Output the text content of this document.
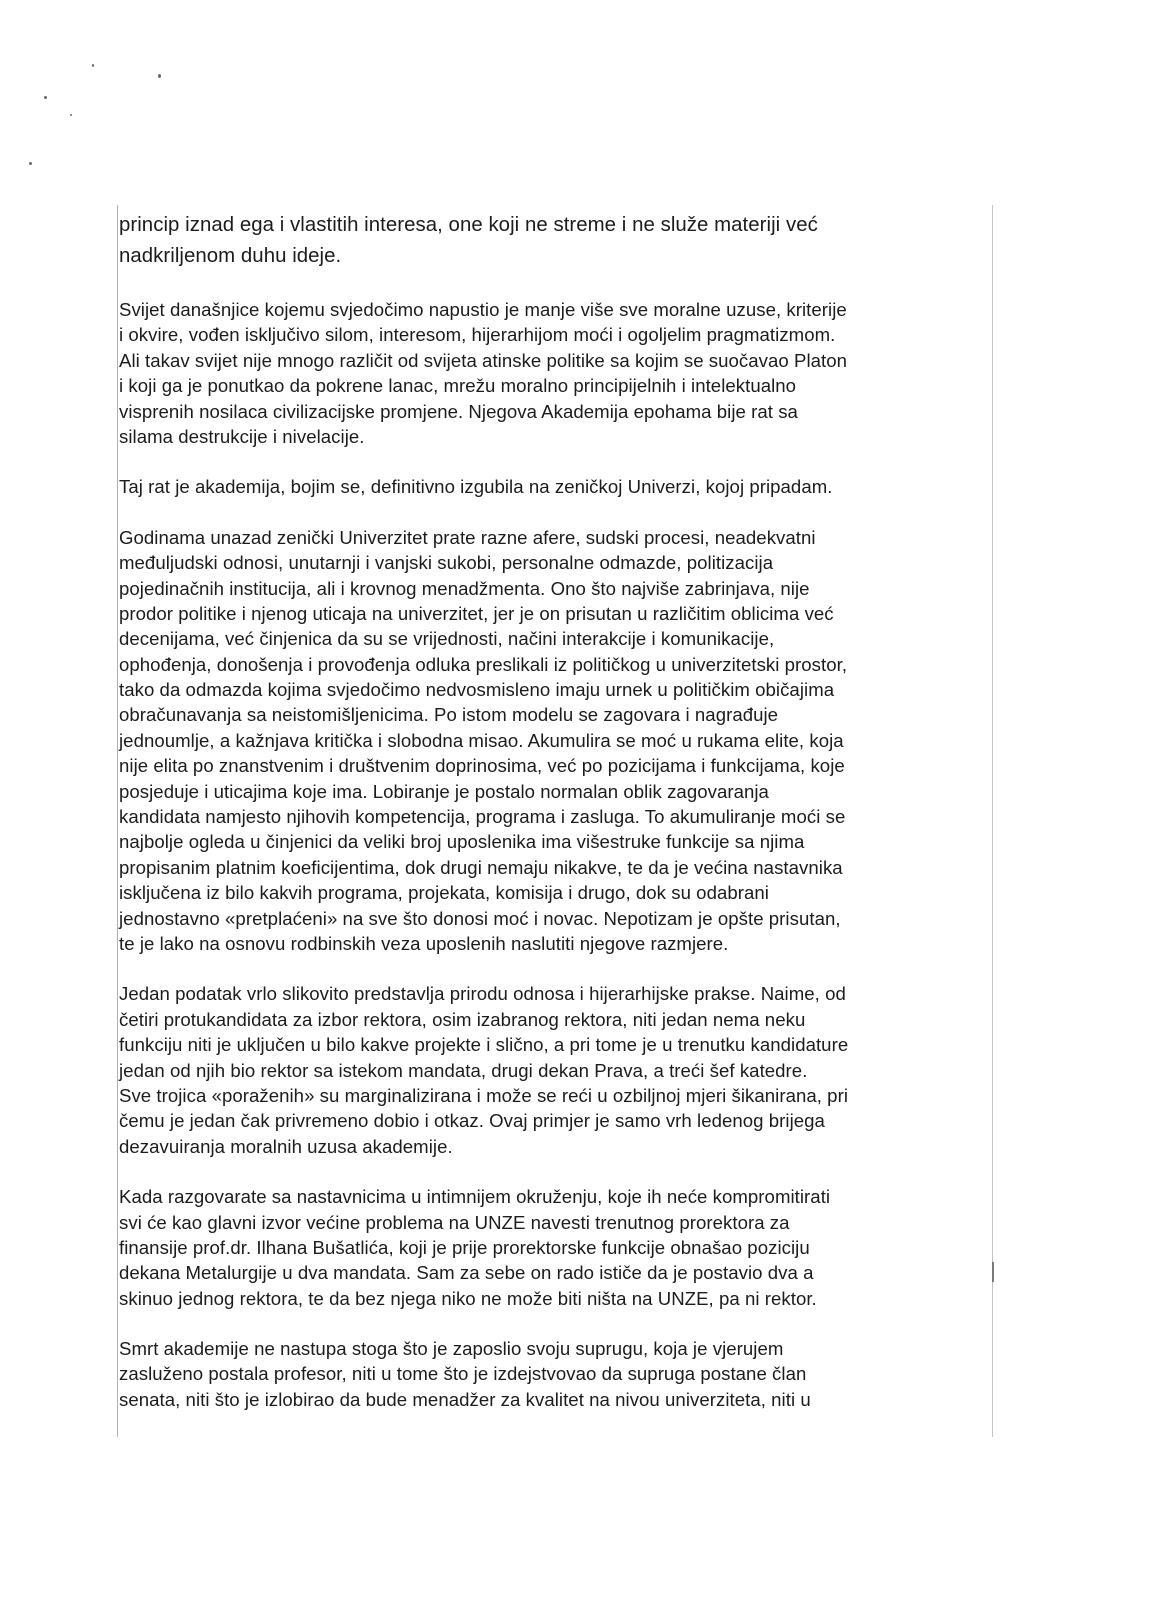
princip iznad ega i vlastitih interesa, one koji ne streme i ne služe materiji već
nadkriljenom duhu ideje.

Svijet današnjice kojemu svjedočimo napustio je manje više sve moralne uzuse, kriterije
i okvire, vođen isključivo silom, interesom, hijerarhijom moći i ogoljelim pragmatizmom.
Ali takav svijet nije mnogo različit od svijeta atinske politike sa kojim se suočavao Platon
i koji ga je ponutkao da pokrene lanac, mrežu moralno principijelnih i intelektualno
visprenih nosilaca civilizacijske promjene. Njegova Akademija epohama bije rat sa
silama destrukcije i nivelacije.

Taj rat je akademija, bojim se, definitivno izgubila na zeničkoj Univerzi, kojoj pripadam.

Godinama unazad zenički Univerzitet prate razne afere, sudski procesi, neadekvatni
međuljudski odnosi, unutarnji i vanjski sukobi, personalne odmazde, politizacija
pojedinačnih institucija, ali i krovnog menadžmenta. Ono što najviše zabrinjava, nije
prodor politike i njenog uticaja na univerzitet, jer je on prisutan u različitim oblicima već
decenijama, već činjenica da su se vrijednosti, načini interakcije i komunikacije,
ophođenja, donošenja i provođenja odluka preslikali iz političkog u univerzitetski prostor,
tako da odmazda kojima svjedočimo nedvosmisleno imaju urnek u političkim običajima
obračunavanja sa neistomišljenicima. Po istom modelu se zagovara i nagrađuje
jednoumlje, a kažnjava kritička i slobodna misao. Akumulira se moć u rukama elite, koja
nije elita po znanstvenim i društvenim doprinosima, već po pozicijama i funkcijama, koje
posjeduje i uticajima koje ima. Lobiranje je postalo normalan oblik zagovaranja
kandidata namjesto njihovih kompetencija, programa i zasluga. To akumuliranje moći se
najbolje ogleda u činjenici da veliki broj uposlenika ima višestruke funkcije sa njima
propisanim platnim koeficijentima, dok drugi nemaju nikakve, te da je većina nastavnika
isključena iz bilo kakvih programa, projekata, komisija i drugo, dok su odabrani
jednostavno «pretplaćeni» na sve što donosi moć i novac. Nepotizam je opšte prisutan,
te je lako na osnovu rodbinskih veza uposlenih naslutiti njegove razmjere.

Jedan podatak vrlo slikovito predstavlja prirodu odnosa i hijerarhijske prakse. Naime, od
četiri protukandidata za izbor rektora, osim izabranog rektora, niti jedan nema neku
funkciju niti je uključen u bilo kakve projekte i slično, a pri tome je u trenutku kandidature
jedan od njih bio rektor sa istekom mandata, drugi dekan Prava, a treći šef katedre.
Sve trojica «poraženih» su marginalizirana i može se reći u ozbiljnoj mjeri šikanirana, pri
čemu je jedan čak privremeno dobio i otkaz. Ovaj primjer je samo vrh ledenog brijega
dezavuiranja moralnih uzusa akademije.

Kada razgovarate sa nastavnicima u intimnijem okruženju, koje ih neće kompromitirati
svi će kao glavni izvor većine problema na UNZE navesti trenutnog prorektora za
finansije prof.dr. Ilhana Bušatlića, koji je prije prorektorske funkcije obnašao poziciju
dekana Metalurgije u dva mandata. Sam za sebe on rado ističe da je postavio dva a
skinuo jednog rektora, te da bez njega niko ne može biti ništa na UNZE, pa ni rektor.

Smrt akademije ne nastupa stoga što je zaposlio svoju suprugu, koja je vjerujem
zasluženo postala profesor, niti u tome što je izdejstvovao da supruga postane član
senata, niti što je izlobirao da bude menadžer za kvalitet na nivou univerziteta, niti u
